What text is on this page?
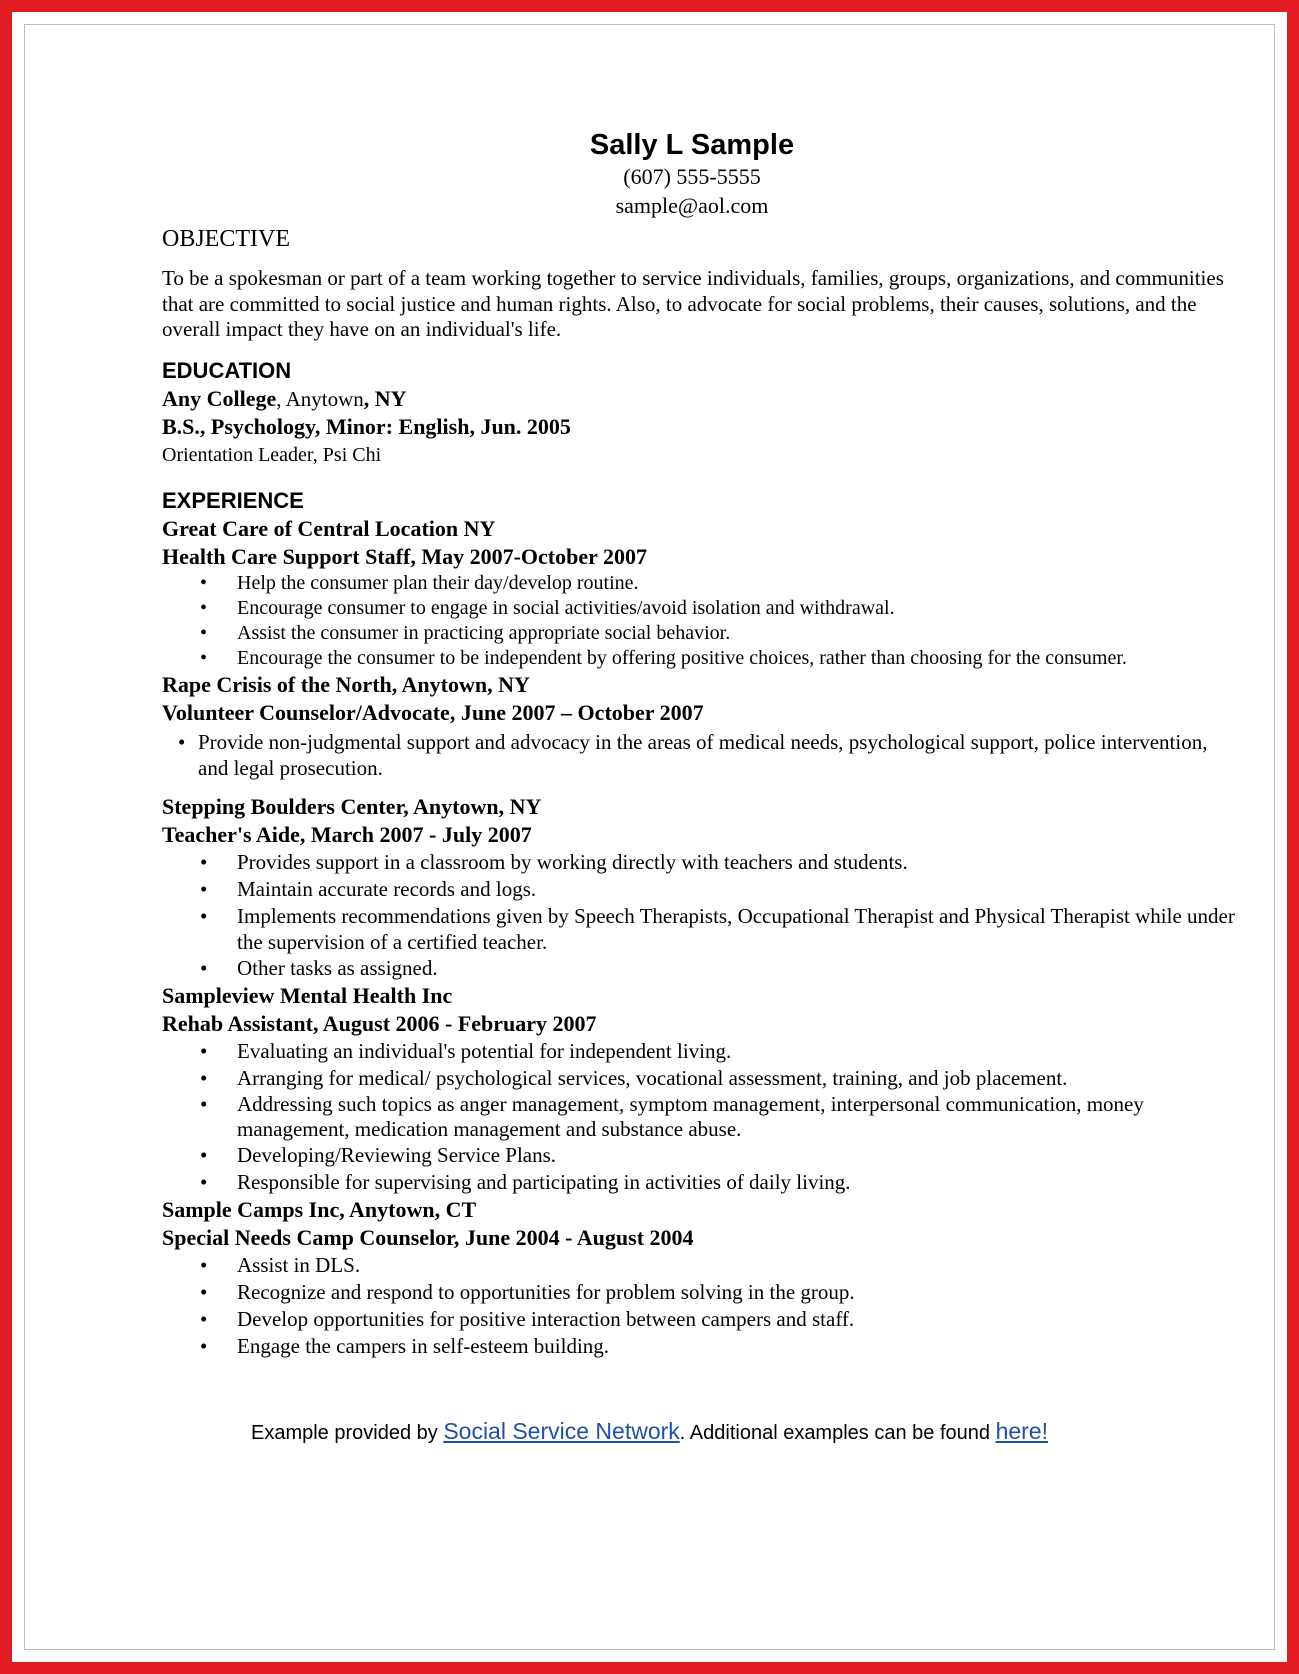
Sally L Sample
(607) 555-5555
sample@aol.com
OBJECTIVE
To be a spokesman or part of a team working together to service individuals, families, groups, organizations, and communities that are committed to social justice and human rights. Also, to advocate for social problems, their causes, solutions, and the overall impact they have on an individual's life.
EDUCATION
Any College, Anytown, NY
B.S., Psychology, Minor: English, Jun. 2005
Orientation Leader, Psi Chi
EXPERIENCE
Great Care of Central Location NY
Health Care Support Staff, May 2007-October 2007
• Help the consumer plan their day/develop routine.
• Encourage consumer to engage in social activities/avoid isolation and withdrawal.
• Assist the consumer in practicing appropriate social behavior.
• Encourage the consumer to be independent by offering positive choices, rather than choosing for the consumer.
Rape Crisis of the North, Anytown, NY
Volunteer Counselor/Advocate, June 2007 – October 2007
• Provide non-judgmental support and advocacy in the areas of medical needs, psychological support, police intervention, and legal prosecution.
Stepping Boulders Center, Anytown, NY
Teacher's Aide, March 2007 - July 2007
• Provides support in a classroom by working directly with teachers and students.
• Maintain accurate records and logs.
• Implements recommendations given by Speech Therapists, Occupational Therapist and Physical Therapist while under the supervision of a certified teacher.
• Other tasks as assigned.
Sampleview Mental Health Inc
Rehab Assistant, August 2006 - February 2007
• Evaluating an individual's potential for independent living.
• Arranging for medical/ psychological services, vocational assessment, training, and job placement.
• Addressing such topics as anger management, symptom management, interpersonal communication, money management, medication management and substance abuse.
• Developing/Reviewing Service Plans.
• Responsible for supervising and participating in activities of daily living.
Sample Camps Inc, Anytown, CT
Special Needs Camp Counselor, June 2004 - August 2004
• Assist in DLS.
• Recognize and respond to opportunities for problem solving in the group.
• Develop opportunities for positive interaction between campers and staff.
• Engage the campers in self-esteem building.
Example provided by Social Service Network. Additional examples can be found here!
